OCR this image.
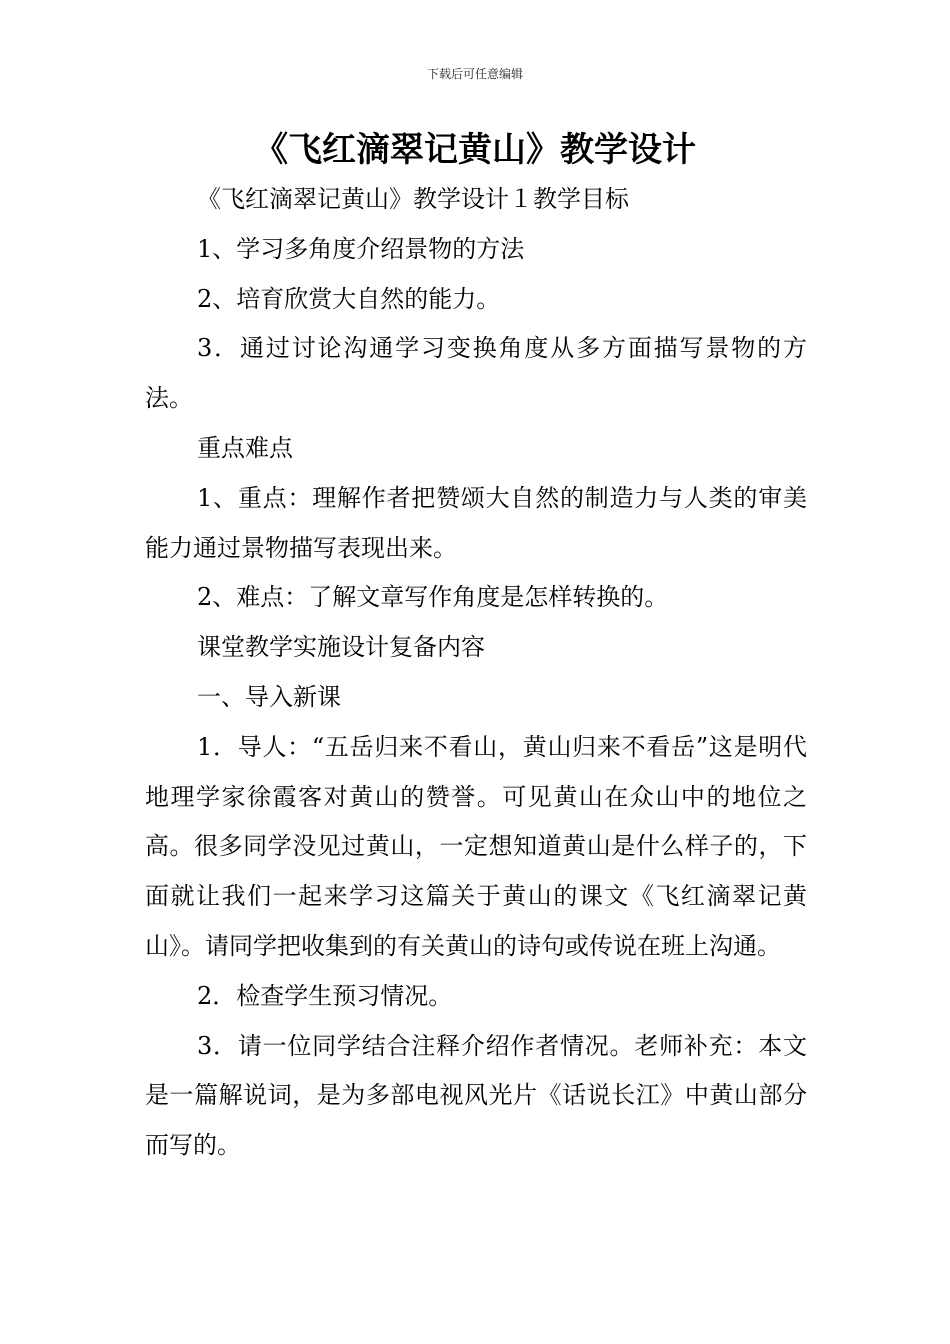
下载后可任意编辑
《飞红滴翠记黄山》教学设计

《飞红滴翠记黄山》教学设计１教学目标

1、学习多角度介绍景物的方法

2、培育欣赏大自然的能力。

3．通过讨论沟通学习变换角度从多方面描写景物的方法。

重点难点

1、重点：理解作者把赞颂大自然的制造力与人类的审美能力通过景物描写表现出来。

2、难点：了解文章写作角度是怎样转换的。

课堂教学实施设计复备内容

一、导入新课

1．导人：“五岳归来不看山，黄山归来不看岳”这是明代地理学家徐霞客对黄山的赞誉。可见黄山在众山中的地位之高。很多同学没见过黄山，一定想知道黄山是什么样子的，下面就让我们一起来学习这篇关于黄山的课文《飞红滴翠记黄山》。请同学把收集到的有关黄山的诗句或传说在班上沟通。

2．检查学生预习情况。

3．请一位同学结合注释介绍作者情况。老师补充：本文是一篇解说词，是为多部电视风光片《话说长江》中黄山部分而写的。
